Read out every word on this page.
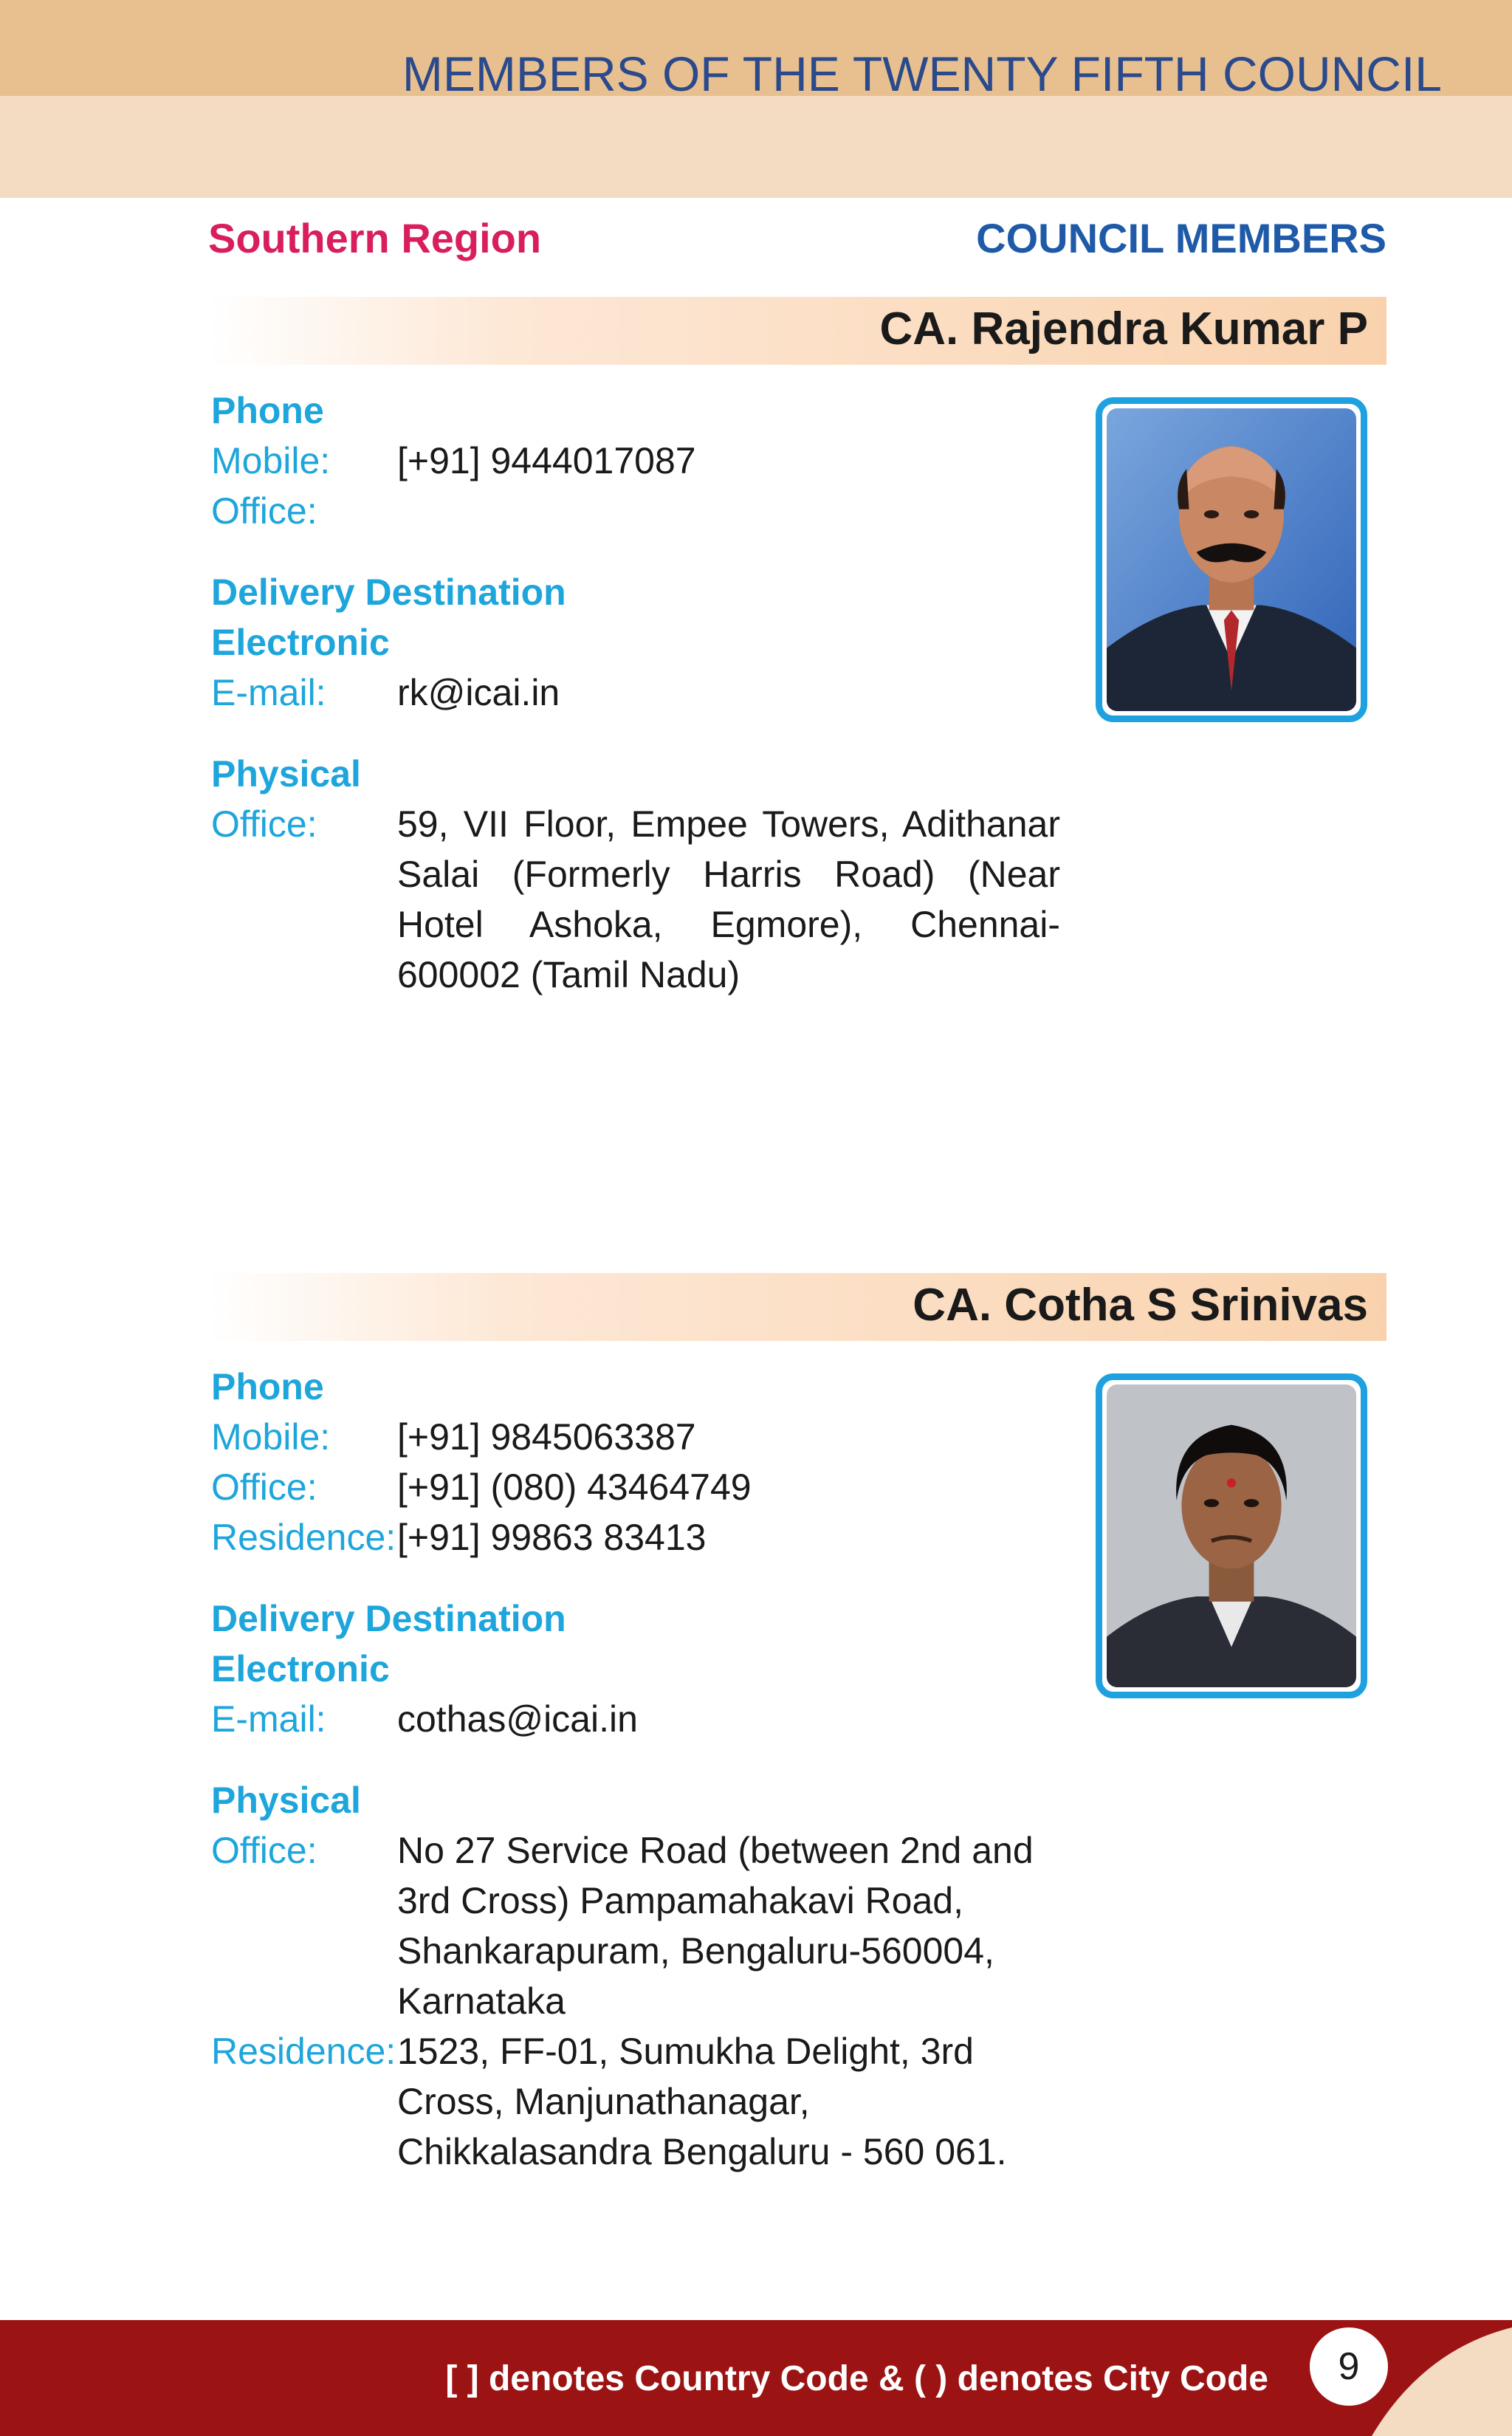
MEMBERS OF THE TWENTY FIFTH COUNCIL
Southern Region	COUNCIL MEMBERS
CA. Rajendra Kumar P
Phone
Mobile:	[+91] 9444017087
Office:
Delivery Destination
Electronic
E-mail:	rk@icai.in
Physical
Office:	59, VII Floor, Empee Towers, Adithanar Salai (Formerly Harris Road) (Near Hotel Ashoka, Egmore), Chennai-600002 (Tamil Nadu)
CA. Cotha S Srinivas
Phone
Mobile:	[+91] 9845063387
Office:	[+91] (080) 43464749
Residence: [+91] 99863 83413
Delivery Destination
Electronic
E-mail:	cothas@icai.in
Physical
Office:	No 27 Service Road (between 2nd and 3rd Cross) Pampamahakavi Road, Shankarapuram, Bengaluru-560004, Karnataka
Residence: 1523, FF-01, Sumukha Delight, 3rd Cross, Manjunathanagar, Chikkalasandra Bengaluru - 560 061.
[ ] denotes Country Code & ( ) denotes City Code	9
